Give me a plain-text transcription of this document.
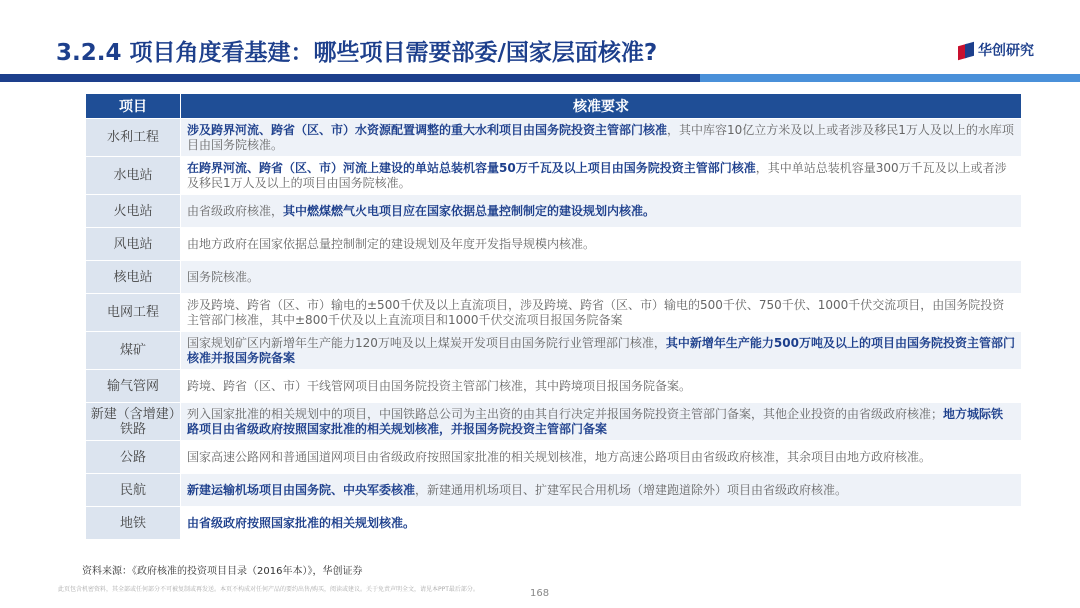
3.2.4 项目角度看基建：哪些项目需要部委/国家层面核准?	华创研究
项目	核准要求
水利工程	涉及跨界河流、跨省（区、市）水资源配置调整的重大水利项目由国务院投资主管部门核准，其中库容10亿立方米及以上或者涉及移民1万人及以上的水库项目由国务院核准。
水电站	在跨界河流、跨省（区、市）河流上建设的单站总装机容量50万千瓦及以上项目由国务院投资主管部门核准，其中单站总装机容量300万千瓦及以上或者涉及移民1万人及以上的项目由国务院核准。
火电站	由省级政府核准，其中燃煤燃气火电项目应在国家依据总量控制制定的建设规划内核准。
风电站	由地方政府在国家依据总量控制制定的建设规划及年度开发指导规模内核准。
核电站	国务院核准。
电网工程	涉及跨境、跨省（区、市）输电的±500千伏及以上直流项目，涉及跨境、跨省（区、市）输电的500千伏、750千伏、1000千伏交流项目，由国务院投资主管部门核准，其中±800千伏及以上直流项目和1000千伏交流项目报国务院备案
煤矿	国家规划矿区内新增年生产能力120万吨及以上煤炭开发项目由国务院行业管理部门核准，其中新增年生产能力500万吨及以上的项目由国务院投资主管部门核准并报国务院备案
输气管网	跨境、跨省（区、市）干线管网项目由国务院投资主管部门核准，其中跨境项目报国务院备案。
新建（含增建）铁路	列入国家批准的相关规划中的项目，中国铁路总公司为主出资的由其自行决定并报国务院投资主管部门备案，其他企业投资的由省级政府核准；地方城际铁路项目由省级政府按照国家批准的相关规划核准，并报国务院投资主管部门备案
公路	国家高速公路网和普通国道网项目由省级政府按照国家批准的相关规划核准，地方高速公路项目由省级政府核准，其余项目由地方政府核准。
民航	新建运输机场项目由国务院、中央军委核准，新建通用机场项目、扩建军民合用机场（增建跑道除外）项目由省级政府核准。
地铁	由省级政府按照国家批准的相关规划核准。
资料来源：《政府核准的投资项目目录（2016年本）》，华创证券
此页包含机密资料，其全部或任何部分不可被复制或再发送。本页不构成对任何产品的要约出售/购买，阅读或建议。关于免责声明全文，请见本PPT最后部分。	168
